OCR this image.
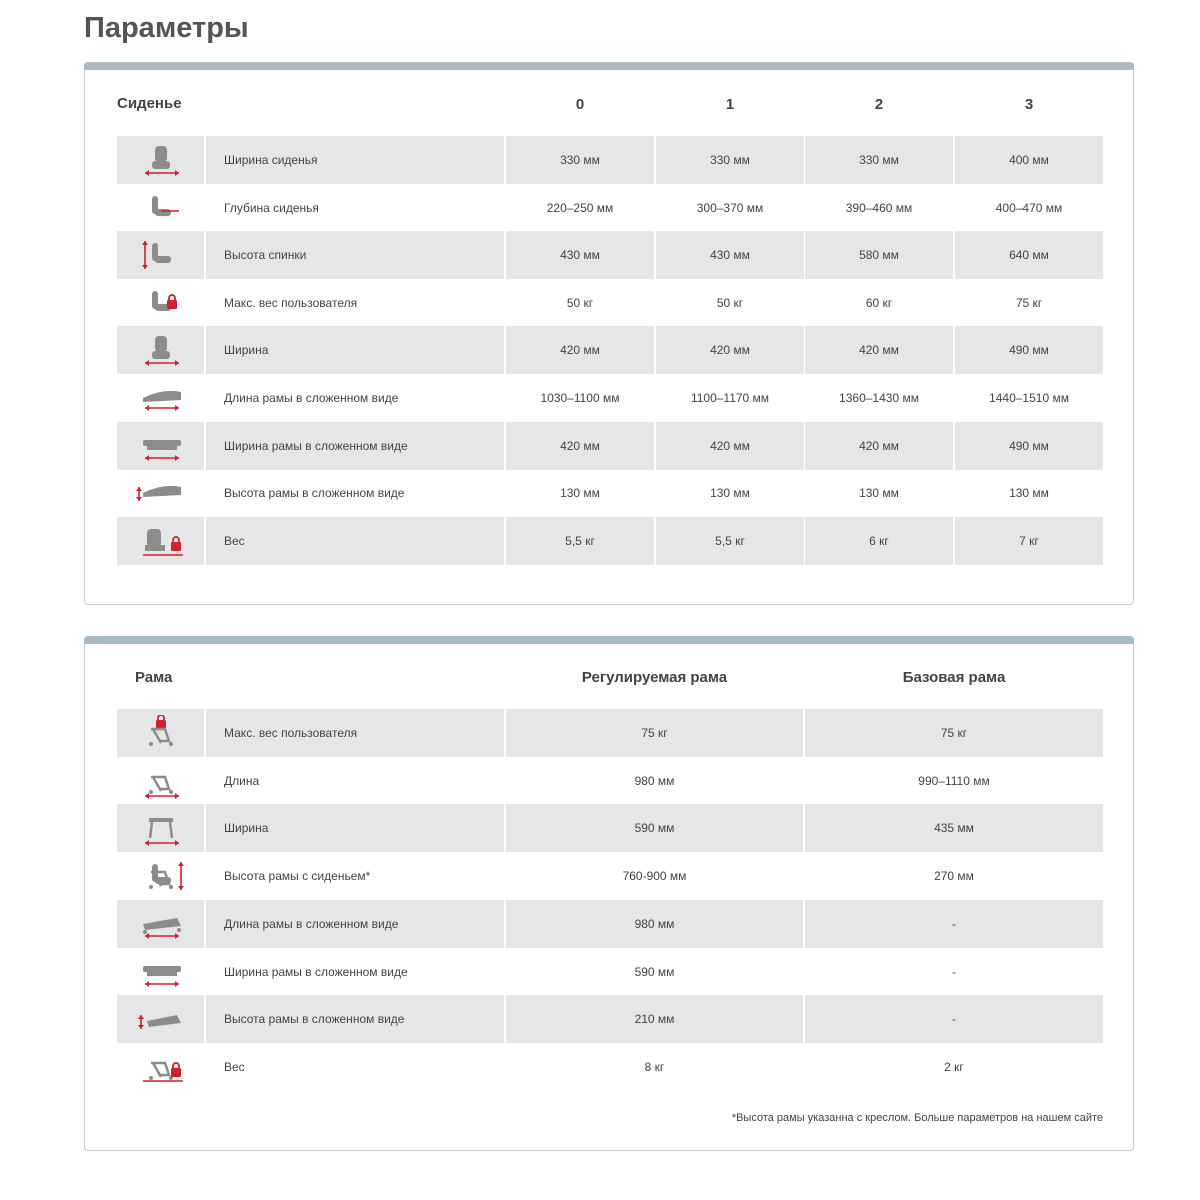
Параметры
Сиденье	0	1	2	3
Ширина сиденья	330 мм	330 мм	330 мм	400 мм
Глубина сиденья	220–250 мм	300–370 мм	390–460 мм	400–470 мм
Высота спинки	430 мм	430 мм	580 мм	640 мм
Макс. вес пользователя	50 кг	50 кг	60 кг	75 кг
Ширина	420 мм	420 мм	420 мм	490 мм
Длина рамы в сложенном виде	1030–1100 мм	1100–1170 мм	1360–1430 мм	1440–1510 мм
Ширина рамы в сложенном виде	420 мм	420 мм	420 мм	490 мм
Высота рамы в сложенном виде	130 мм	130 мм	130 мм	130 мм
Вес	5,5 кг	5,5 кг	6 кг	7 кг
Рама	Регулируемая рама	Базовая рама
Макс. вес пользователя	75 кг	75 кг
Длина	980 мм	990–1110 мм
Ширина	590 мм	435 мм
Высота рамы с сиденьем*	760-900 мм	270 мм
Длина рамы в сложенном виде	980 мм	-
Ширина рамы в сложенном виде	590 мм	-
Высота рамы в сложенном виде	210 мм	-
Вес	8 кг	2 кг
*Высота рамы указанна с креслом. Больше параметров на нашем сайте
